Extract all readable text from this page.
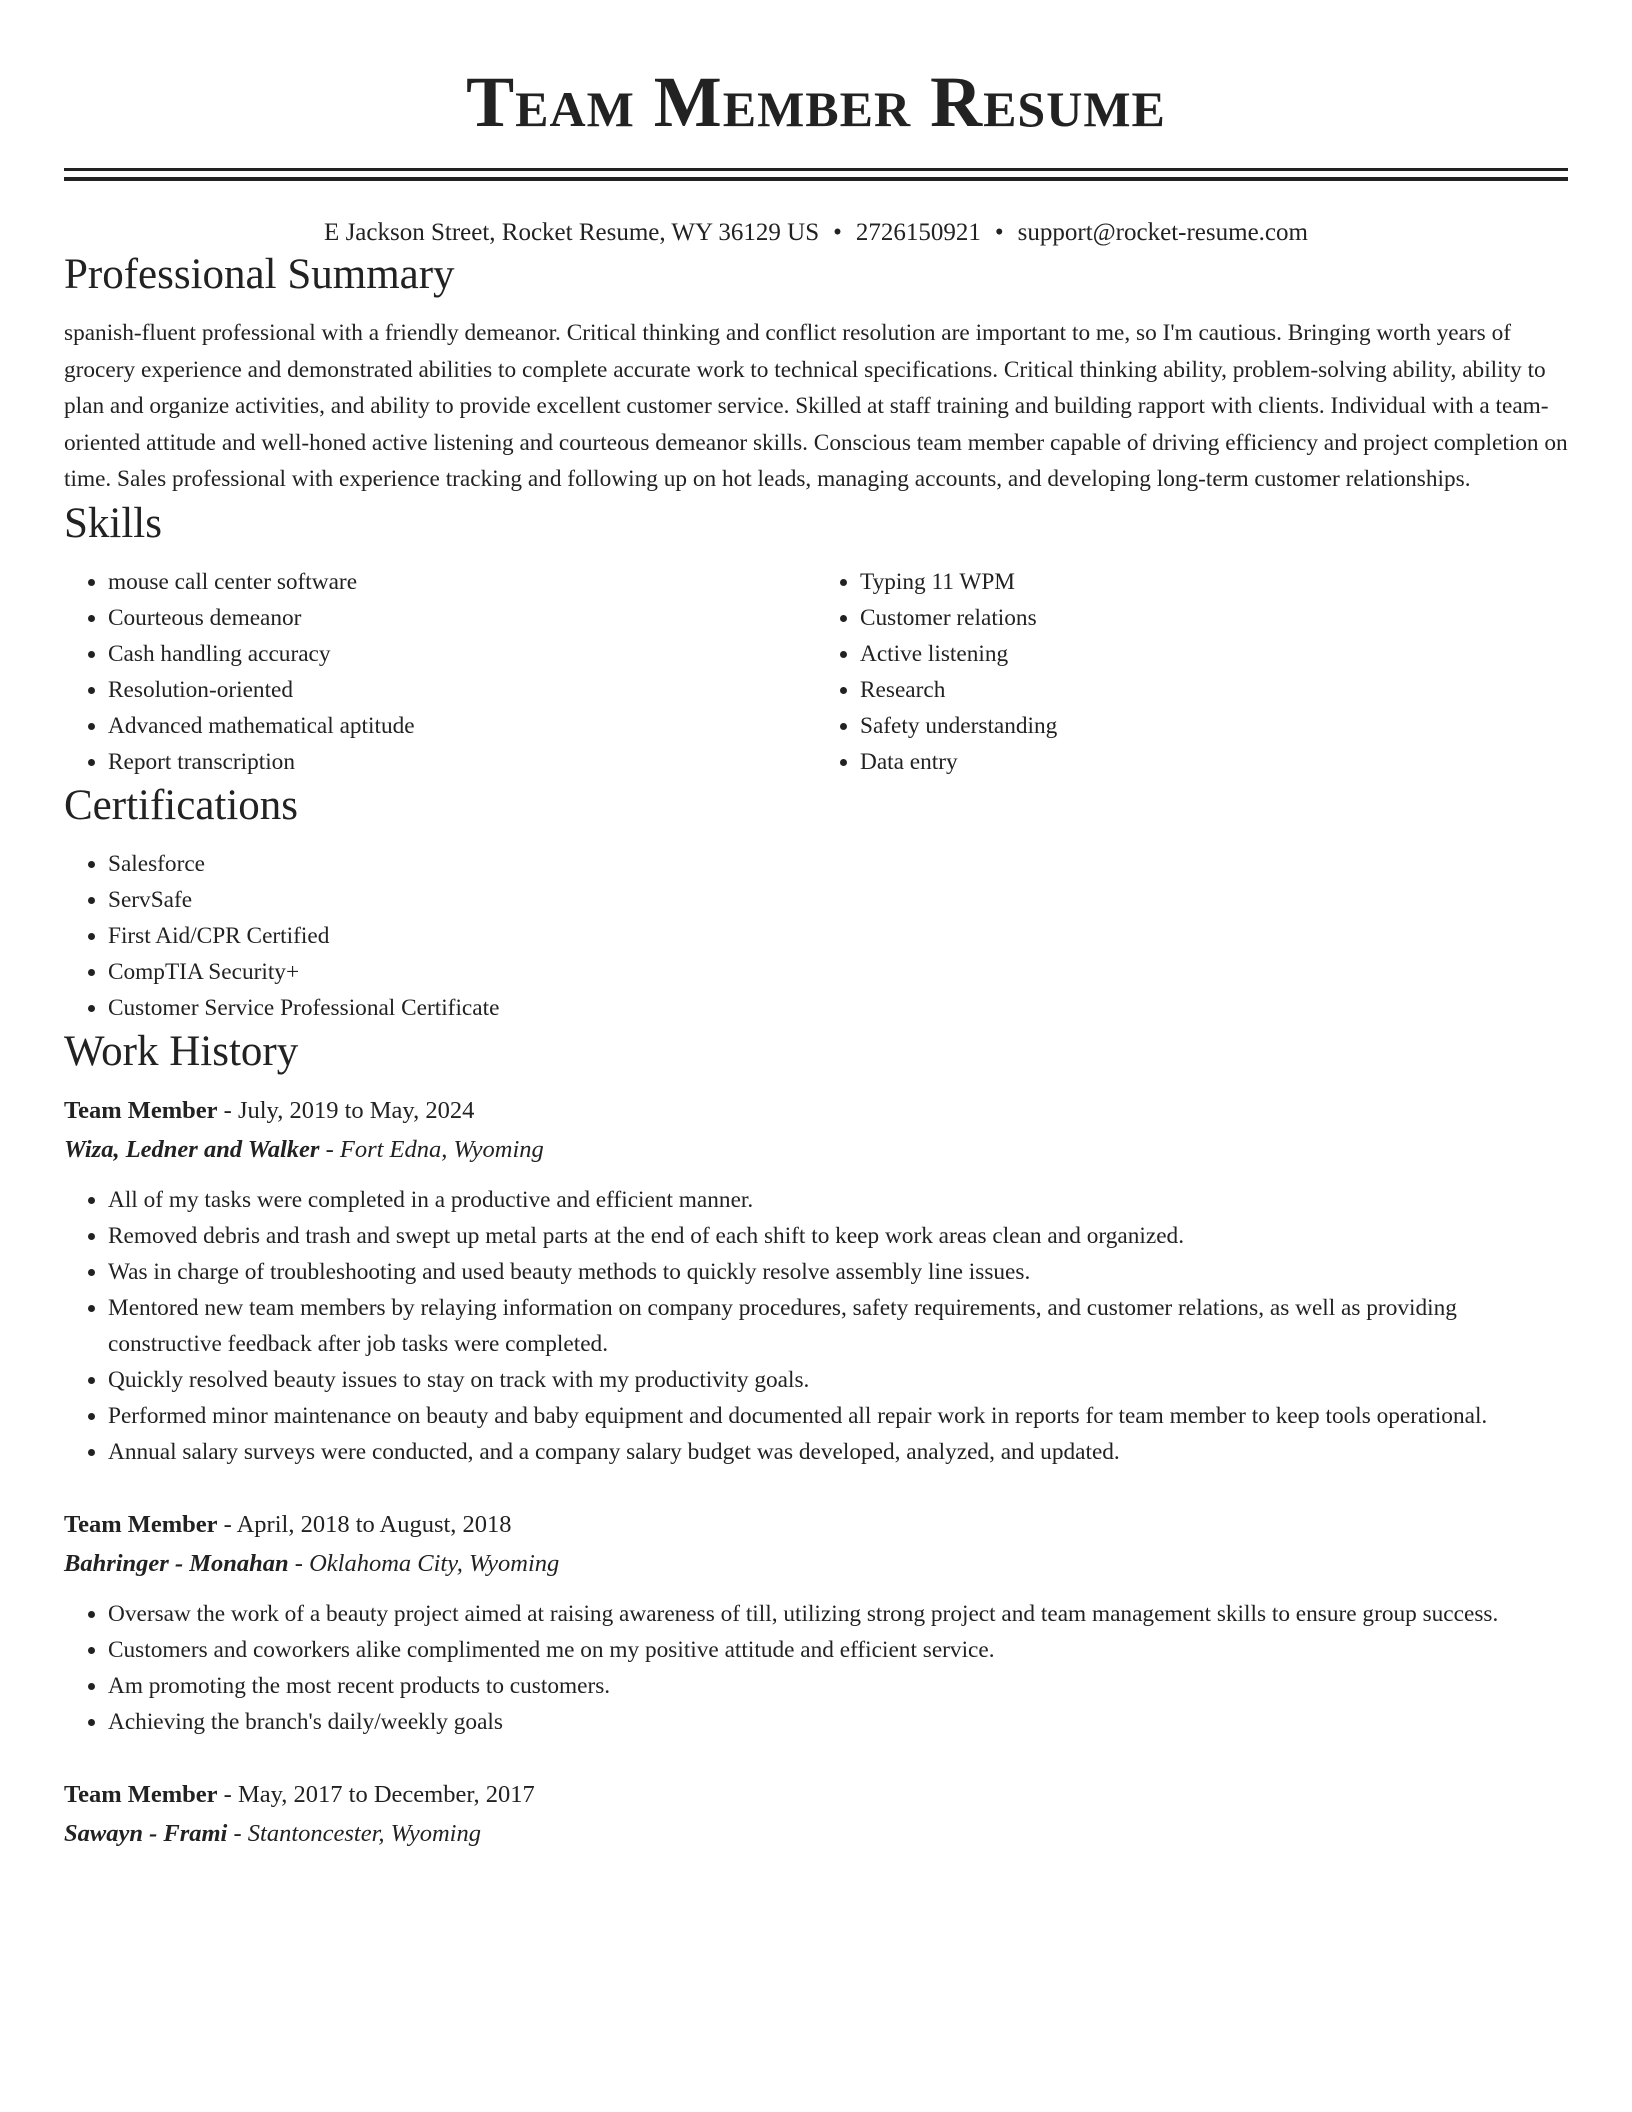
Team Member Resume
E Jackson Street, Rocket Resume, WY 36129 US • 2726150921 • support@rocket-resume.com
Professional Summary

spanish-fluent professional with a friendly demeanor. Critical thinking and conflict resolution are important to me, so I'm cautious. Bringing worth years of grocery experience and demonstrated abilities to complete accurate work to technical specifications. Critical thinking ability, problem-solving ability, ability to plan and organize activities, and ability to provide excellent customer service. Skilled at staff training and building rapport with clients. Individual with a team-oriented attitude and well-honed active listening and courteous demeanor skills. Conscious team member capable of driving efficiency and project completion on time. Sales professional with experience tracking and following up on hot leads, managing accounts, and developing long-term customer relationships.

Skills
• mouse call center software
• Courteous demeanor
• Cash handling accuracy
• Resolution-oriented
• Advanced mathematical aptitude
• Report transcription
• Typing 11 WPM
• Customer relations
• Active listening
• Research
• Safety understanding
• Data entry
Certifications
• Salesforce
• ServSafe
• First Aid/CPR Certified
• CompTIA Security+
• Customer Service Professional Certificate
Work History
Team Member - July, 2019 to May, 2024
Wiza, Ledner and Walker - Fort Edna, Wyoming
• All of my tasks were completed in a productive and efficient manner.
• Removed debris and trash and swept up metal parts at the end of each shift to keep work areas clean and organized.
• Was in charge of troubleshooting and used beauty methods to quickly resolve assembly line issues.
• Mentored new team members by relaying information on company procedures, safety requirements, and customer relations, as well as providing constructive feedback after job tasks were completed.
• Quickly resolved beauty issues to stay on track with my productivity goals.
• Performed minor maintenance on beauty and baby equipment and documented all repair work in reports for team member to keep tools operational.
• Annual salary surveys were conducted, and a company salary budget was developed, analyzed, and updated.
Team Member - April, 2018 to August, 2018
Bahringer - Monahan - Oklahoma City, Wyoming
• Oversaw the work of a beauty project aimed at raising awareness of till, utilizing strong project and team management skills to ensure group success.
• Customers and coworkers alike complimented me on my positive attitude and efficient service.
• Am promoting the most recent products to customers.
• Achieving the branch's daily/weekly goals
Team Member - May, 2017 to December, 2017
Sawayn - Frami - Stantoncester, Wyoming
